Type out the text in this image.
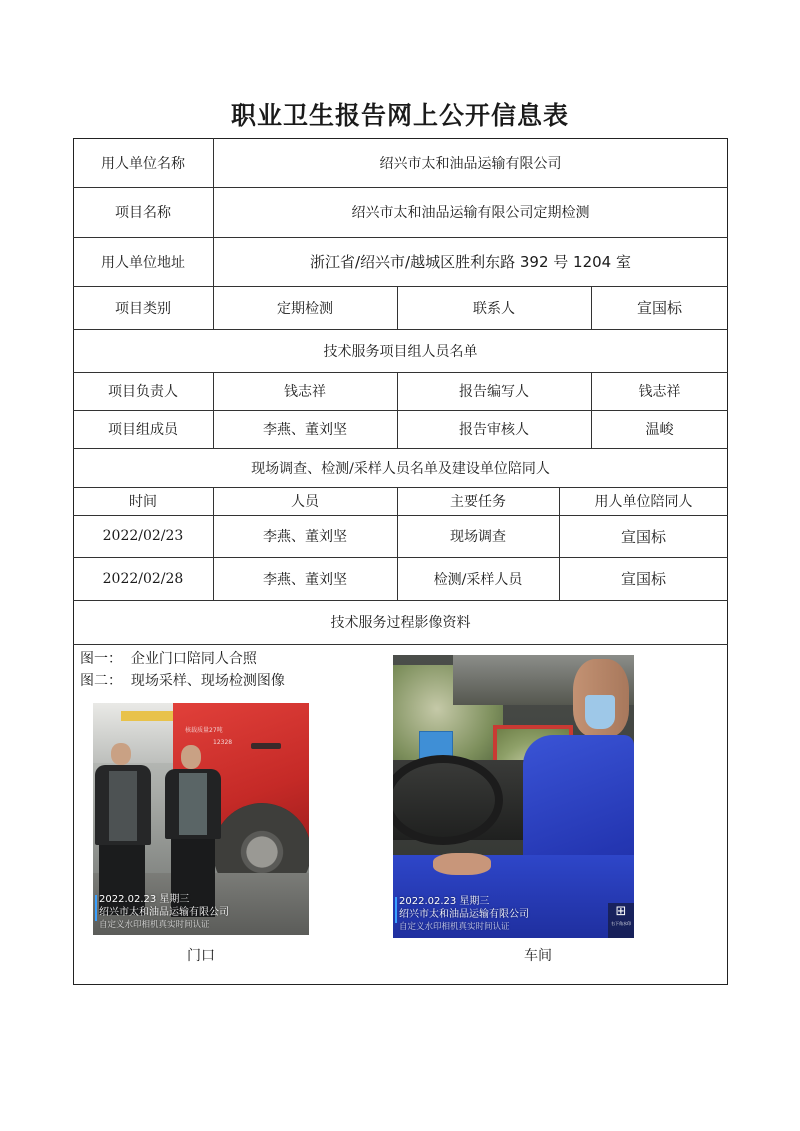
职业卫生报告网上公开信息表
用人单位名称	绍兴市太和油品运输有限公司
项目名称	绍兴市太和油品运输有限公司定期检测
用人单位地址	浙江省/绍兴市/越城区胜利东路 392 号 1204 室
项目类别	定期检测	联系人	宣国标
技术服务项目组人员名单
项目负责人	钱志祥	报告编写人	钱志祥
项目组成员	李燕、董刘坚	报告审核人	温峻
现场调查、检测/采样人员名单及建设单位陪同人
时间	人员	主要任务	用人单位陪同人
2022/02/23	李燕、董刘坚	现场调查	宣国标
2022/02/28	李燕、董刘坚	检测/采样人员	宣国标
技术服务过程影像资料
图一：  企业门口陪同人合照
图二：  现场采样、现场检测图像
核载质量27吨
12328
2022.02.23 星期三
绍兴市太和油品运输有限公司
自定义水印相机真实时间认证
门口
2022.02.23 星期三
绍兴市太和油品运输有限公司
自定义水印相机真实时间认证
⊞
右下角水印
车间
